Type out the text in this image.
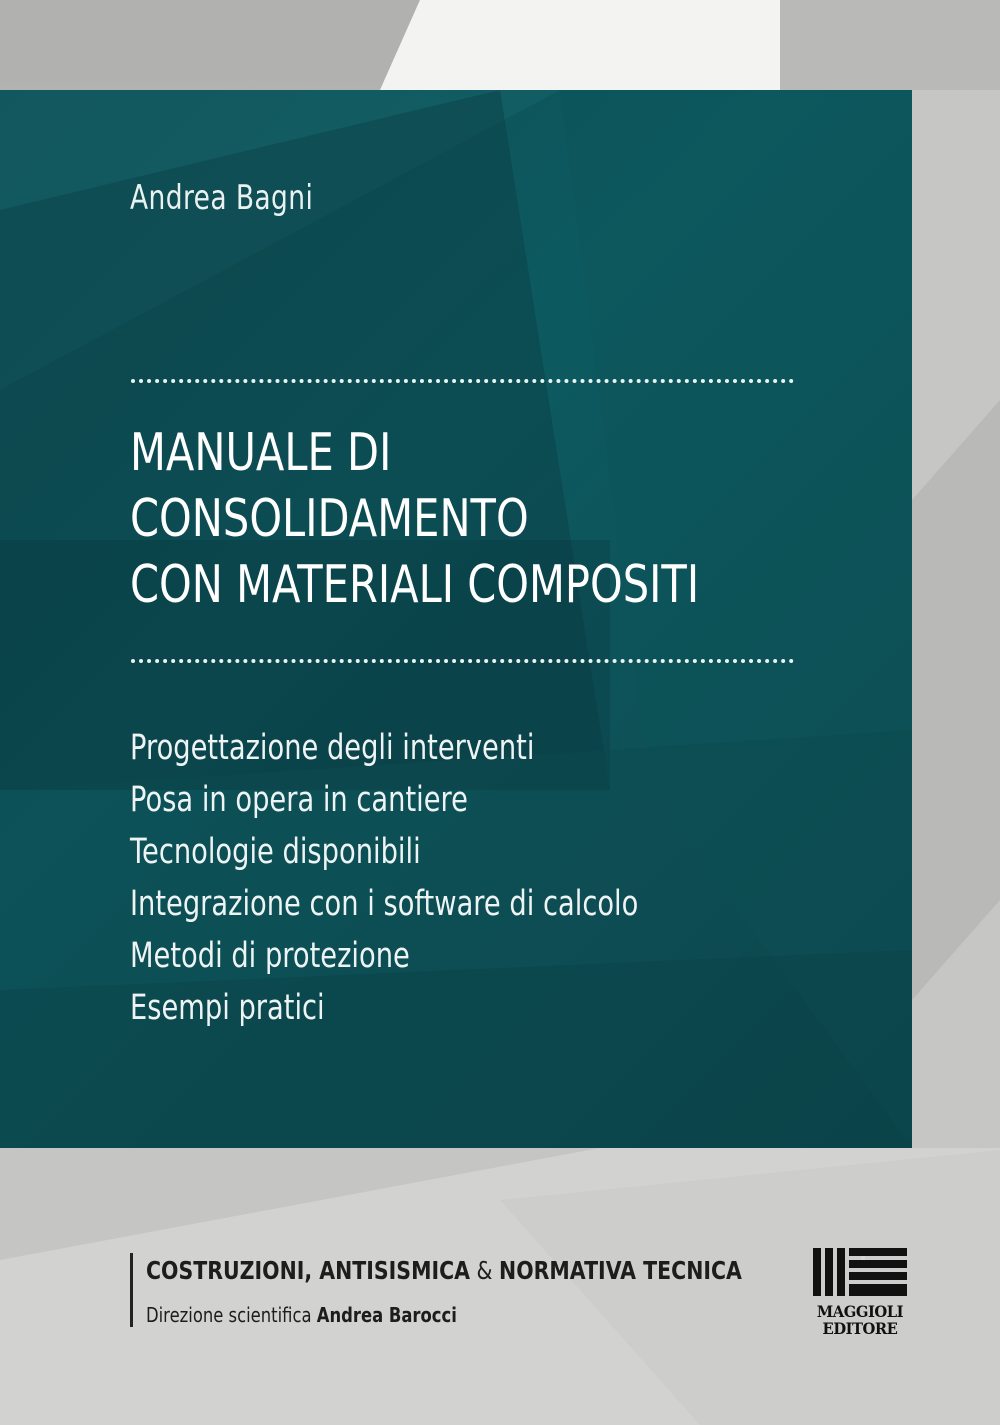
Andrea Bagni
MANUALE DI
CONSOLIDAMENTO
CON MATERIALI COMPOSITI
Progettazione degli interventi
Posa in opera in cantiere
Tecnologie disponibili
Integrazione con i software di calcolo
Metodi di protezione
Esempi pratici
COSTRUZIONI, ANTISISMICA & NORMATIVA TECNICA
Direzione scientifica Andrea Barocci	MAGGIOLI
EDITORE
